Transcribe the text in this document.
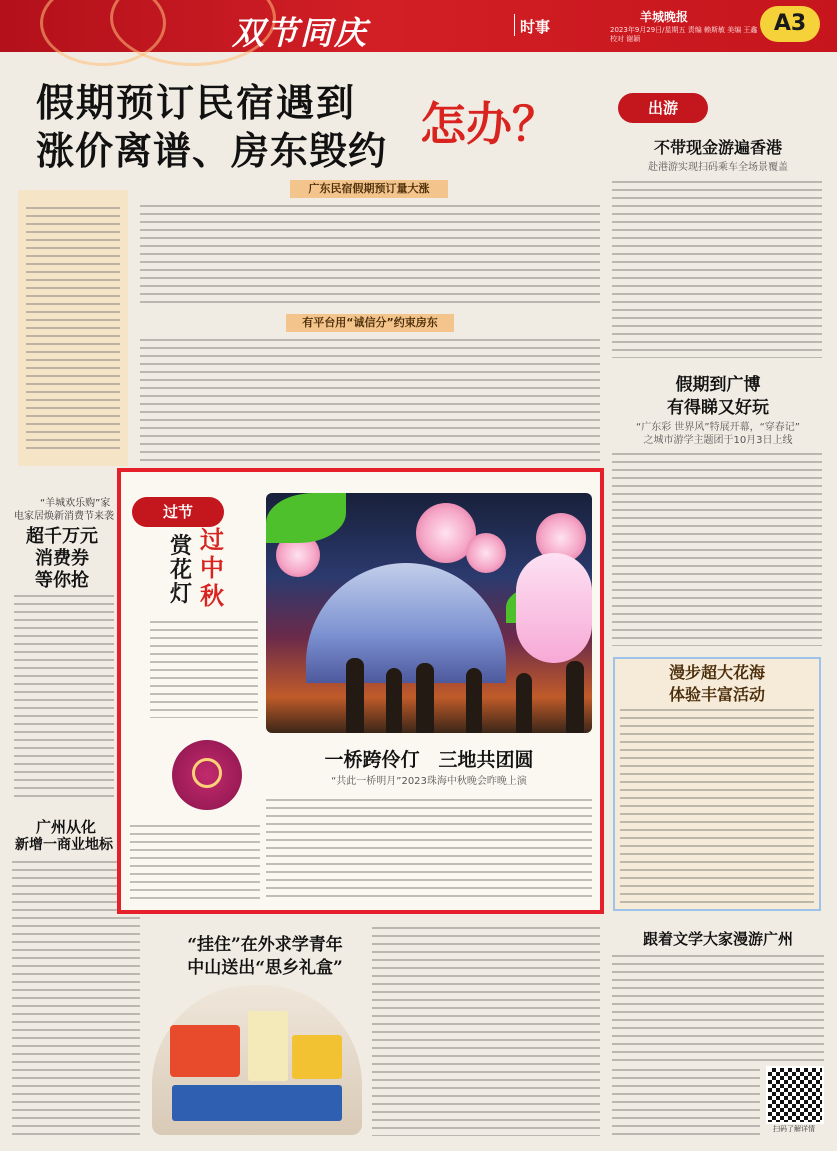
双节同庆	时事
羊城晚报
2023年9月29日/星期五 责编 赖斯敏 美编 王鑫 校对 谢颖
A3
假期预订民宿遇到
涨价离谱、房东毁约 怎办？
广东民宿假期预订量大涨
有平台用“诚信分”约束房东
“羊城欢乐购”家
电家居焕新消费节来袭
超千万元
消费券
等你抢
广州从化
新增一商业地标
出游
不带现金游遍香港
赴港游实现扫码乘车全场景覆盖
假期到广博
有得睇又好玩
“广东彩 世界风”特展开幕，“穿春记”
之城市游学主题团于10月3日上线
漫步超大花海
体验丰富活动
跟着文学大家漫游广州
扫码了解详情
过节
赏花灯
过中秋
一桥跨伶仃　三地共团圆
“共此一桥明月”2023珠海中秋晚会昨晚上演
“挂住”在外求学青年
中山送出“思乡礼盒”
